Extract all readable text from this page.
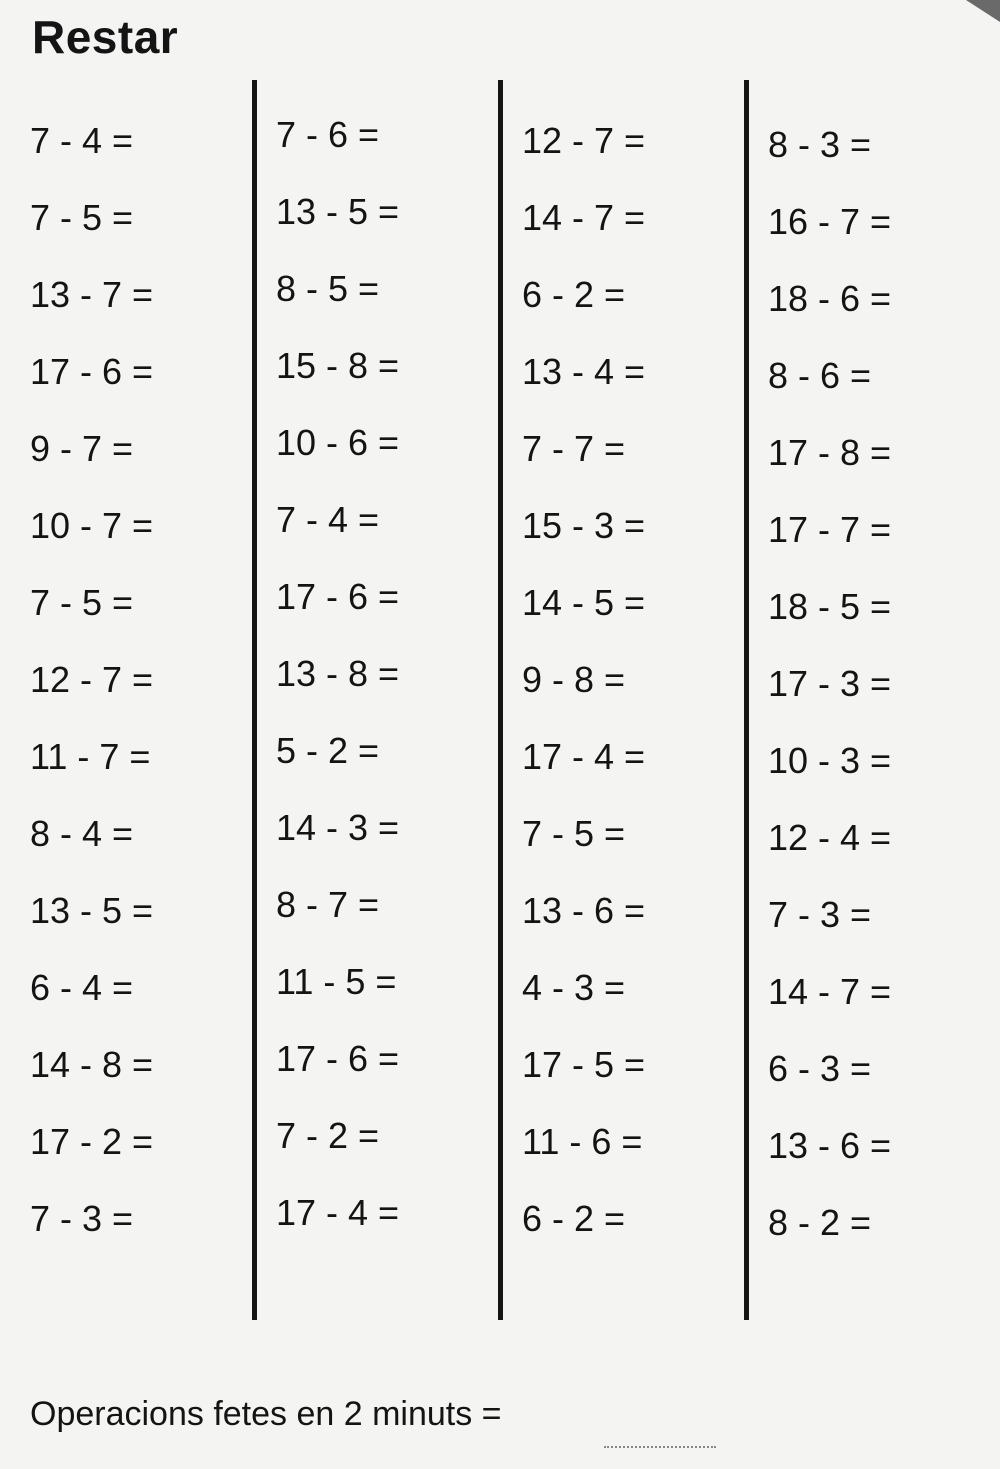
Restar
7 - 4 =
7 - 5 =
13 - 7 =
17 - 6 =
9 - 7 =
10 - 7 =
7 - 5 =
12 - 7 =
11 - 7 =
8 - 4 =
13 - 5 =
6 - 4 =
14 - 8 =
17 - 2 =
7 - 3 =
7 - 6 =
13 - 5 =
8 - 5 =
15 - 8 =
10 - 6 =
7 - 4 =
17 - 6 =
13 - 8 =
5 - 2 =
14 - 3 =
8 - 7 =
11 - 5 =
17 - 6 =
7 - 2 =
17 - 4 =
12 - 7 =
14 - 7 =
6 - 2 =
13 - 4 =
7 - 7 =
15 - 3 =
14 - 5 =
9 - 8 =
17 - 4 =
7 - 5 =
13 - 6 =
4 - 3 =
17 - 5 =
11 - 6 =
6 - 2 =
8 - 3 =
16 - 7 =
18 - 6 =
8 - 6 =
17 - 8 =
17 - 7 =
18 - 5 =
17 - 3 =
10 - 3 =
12 - 4 =
7 - 3 =
14 - 7 =
6 - 3 =
13 - 6 =
8 - 2 =
Operacions fetes en 2 minuts =
